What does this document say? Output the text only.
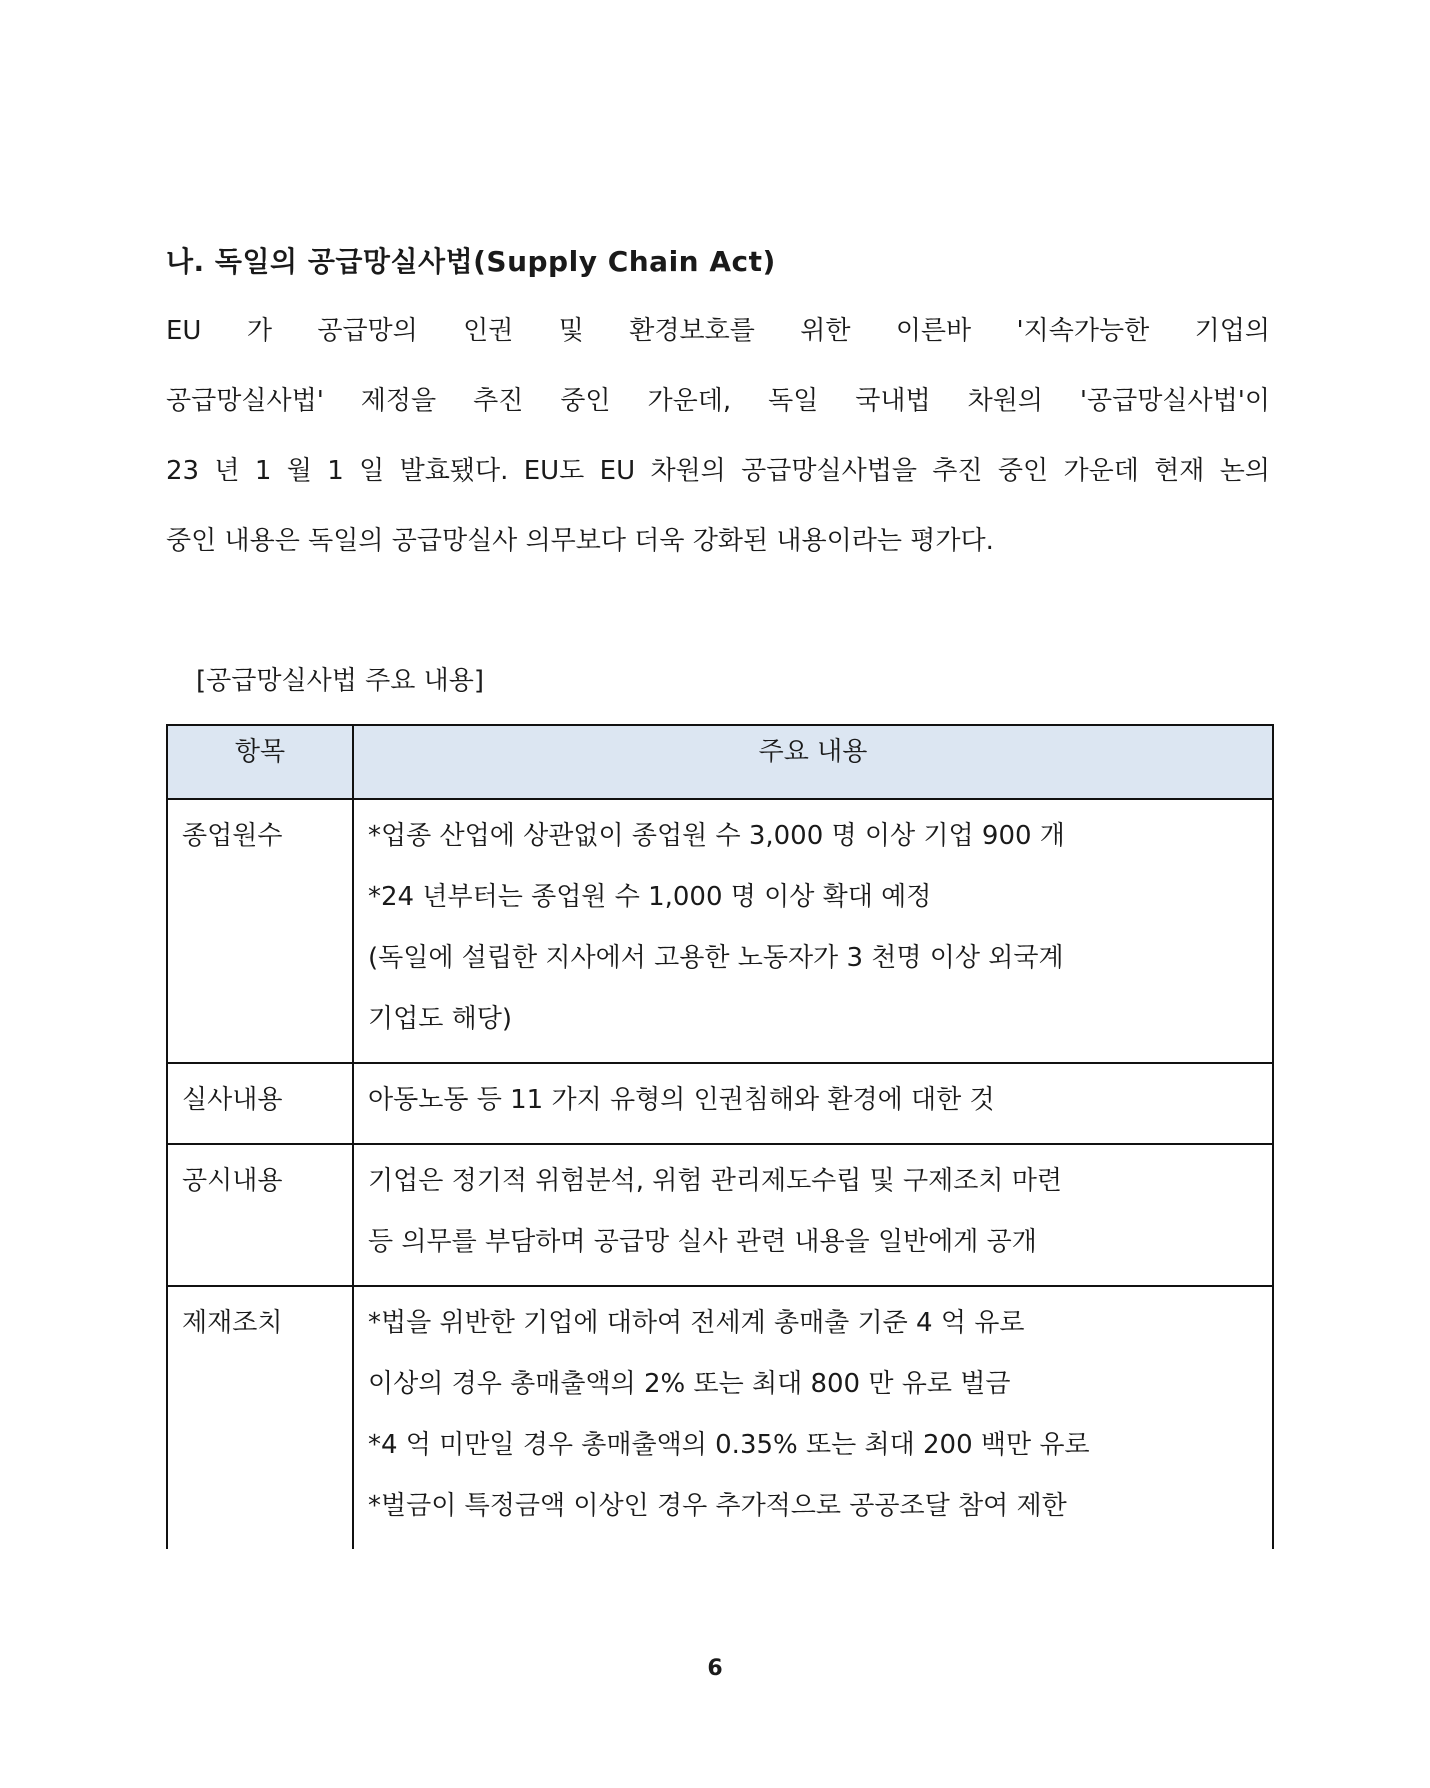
나. 독일의 공급망실사법(Supply Chain Act)
EU 가 공급망의 인권 및 환경보호를 위한 이른바 '지속가능한 기업의
공급망실사법' 제정을 추진 중인 가운데, 독일 국내법 차원의 '공급망실사법'이
23 년 1 월 1 일 발효됐다. EU도 EU 차원의 공급망실사법을 추진 중인 가운데 현재 논의
중인 내용은 독일의 공급망실사 의무보다 더욱 강화된 내용이라는 평가다.
[공급망실사법 주요 내용]
항목	주요 내용
종업원수	*업종 산업에 상관없이 종업원 수 3,000 명 이상 기업 900 개
*24 년부터는 종업원 수 1,000 명 이상 확대 예정
(독일에 설립한 지사에서 고용한 노동자가 3 천명 이상 외국계
기업도 해당)

실사내용	아동노동 등 11 가지 유형의 인권침해와 환경에 대한 것

공시내용	기업은 정기적 위험분석, 위험 관리제도수립 및 구제조치 마련
등 의무를 부담하며 공급망 실사 관련 내용을 일반에게 공개

제재조치	*법을 위반한 기업에 대하여 전세계 총매출 기준 4 억 유로
이상의 경우 총매출액의 2% 또는 최대 800 만 유로 벌금
*4 억 미만일 경우 총매출액의 0.35% 또는 최대 200 백만 유로
*벌금이 특정금액 이상인 경우 추가적으로 공공조달 참여 제한
6
